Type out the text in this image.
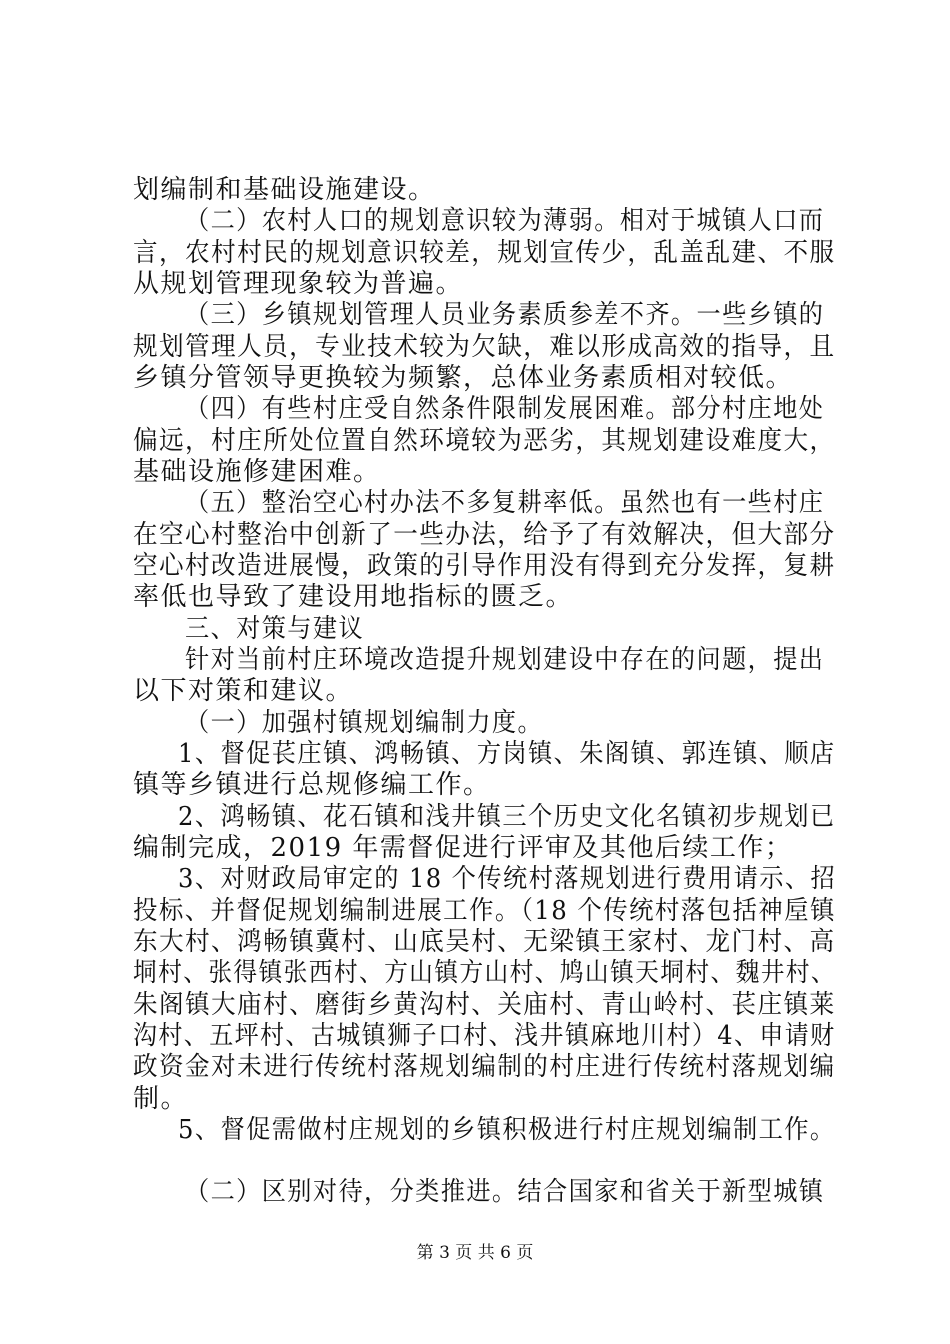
划编制和基础设施建设。
（二）农村人口的规划意识较为薄弱。相对于城镇人口而
言，农村村民的规划意识较差，规划宣传少，乱盖乱建、不服
从规划管理现象较为普遍。
（三）乡镇规划管理人员业务素质参差不齐。一些乡镇的
规划管理人员，专业技术较为欠缺，难以形成高效的指导，且
乡镇分管领导更换较为频繁，总体业务素质相对较低。
（四）有些村庄受自然条件限制发展困难。部分村庄地处
偏远，村庄所处位置自然环境较为恶劣，其规划建设难度大，
基础设施修建困难。
（五）整治空心村办法不多复耕率低。虽然也有一些村庄
在空心村整治中创新了一些办法，给予了有效解决，但大部分
空心村改造进展慢，政策的引导作用没有得到充分发挥，复耕
率低也导致了建设用地指标的匮乏。
三、对策与建议
针对当前村庄环境改造提升规划建设中存在的问题，提出
以下对策和建议。
（一）加强村镇规划编制力度。
1、督促苌庄镇、鸿畅镇、方岗镇、朱阁镇、郭连镇、顺店
镇等乡镇进行总规修编工作。
2、鸿畅镇、花石镇和浅井镇三个历史文化名镇初步规划已
编制完成，2019 年需督促进行评审及其他后续工作；
3、对财政局审定的 18 个传统村落规划进行费用请示、招
投标、并督促规划编制进展工作。（18 个传统村落包括神垕镇
东大村、鸿畅镇冀村、山底吴村、无梁镇王家村、龙门村、高
垌村、张得镇张西村、方山镇方山村、鸠山镇天垌村、魏井村、
朱阁镇大庙村、磨街乡黄沟村、关庙村、青山岭村、苌庄镇莱
沟村、五坪村、古城镇狮子口村、浅井镇麻地川村）4、申请财
政资金对未进行传统村落规划编制的村庄进行传统村落规划编
制。
5、督促需做村庄规划的乡镇积极进行村庄规划编制工作。
（二）区别对待，分类推进。结合国家和省关于新型城镇
第 3 页 共 6 页
